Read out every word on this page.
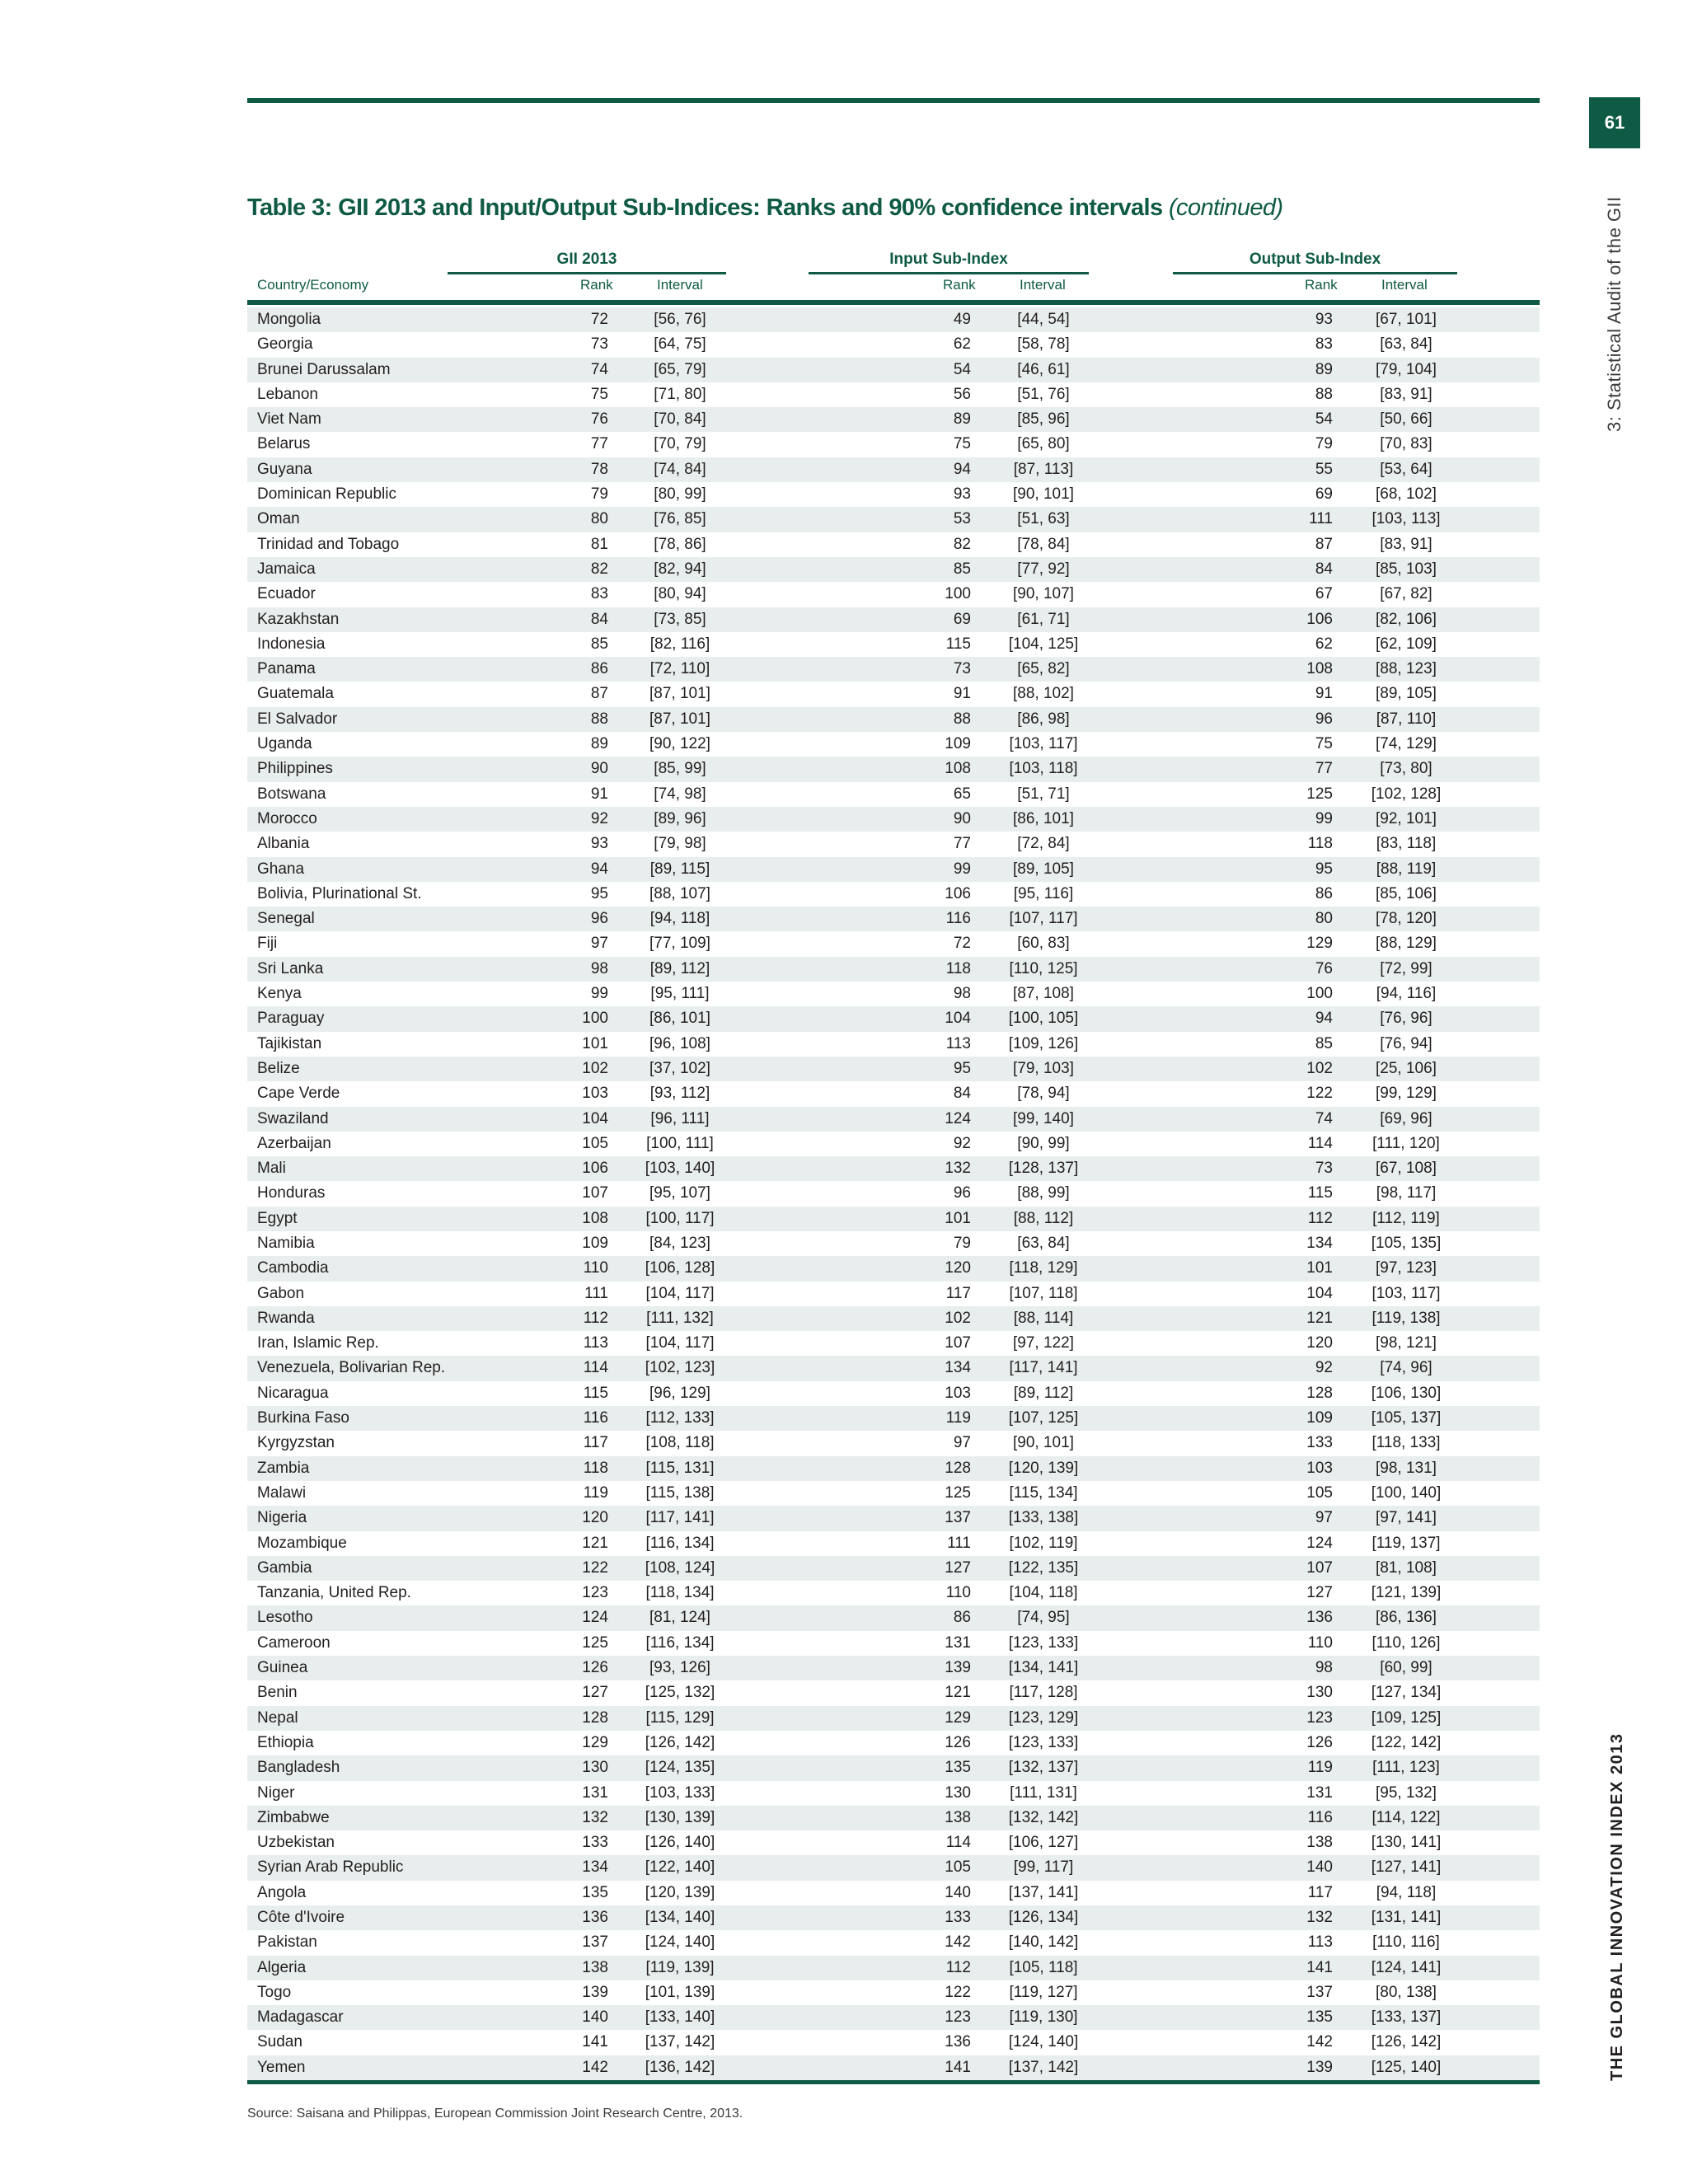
61
3: Statistical Audit of the GII
THE GLOBAL INNOVATION INDEX 2013
Table 3: GII 2013 and Input/Output Sub-Indices: Ranks and 90% confidence intervals (continued)
GII 2013	Input Sub-Index	Output Sub-Index
Country/Economy	Rank	Interval	Rank	Interval	Rank	Interval
Mongolia	72	[56, 76]	49	[44, 54]	93	[67, 101]
Georgia	73	[64, 75]	62	[58, 78]	83	[63, 84]
Brunei Darussalam	74	[65, 79]	54	[46, 61]	89	[79, 104]
Lebanon	75	[71, 80]	56	[51, 76]	88	[83, 91]
Viet Nam	76	[70, 84]	89	[85, 96]	54	[50, 66]
Belarus	77	[70, 79]	75	[65, 80]	79	[70, 83]
Guyana	78	[74, 84]	94	[87, 113]	55	[53, 64]
Dominican Republic	79	[80, 99]	93	[90, 101]	69	[68, 102]
Oman	80	[76, 85]	53	[51, 63]	111	[103, 113]
Trinidad and Tobago	81	[78, 86]	82	[78, 84]	87	[83, 91]
Jamaica	82	[82, 94]	85	[77, 92]	84	[85, 103]
Ecuador	83	[80, 94]	100	[90, 107]	67	[67, 82]
Kazakhstan	84	[73, 85]	69	[61, 71]	106	[82, 106]
Indonesia	85	[82, 116]	115	[104, 125]	62	[62, 109]
Panama	86	[72, 110]	73	[65, 82]	108	[88, 123]
Guatemala	87	[87, 101]	91	[88, 102]	91	[89, 105]
El Salvador	88	[87, 101]	88	[86, 98]	96	[87, 110]
Uganda	89	[90, 122]	109	[103, 117]	75	[74, 129]
Philippines	90	[85, 99]	108	[103, 118]	77	[73, 80]
Botswana	91	[74, 98]	65	[51, 71]	125	[102, 128]
Morocco	92	[89, 96]	90	[86, 101]	99	[92, 101]
Albania	93	[79, 98]	77	[72, 84]	118	[83, 118]
Ghana	94	[89, 115]	99	[89, 105]	95	[88, 119]
Bolivia, Plurinational St.	95	[88, 107]	106	[95, 116]	86	[85, 106]
Senegal	96	[94, 118]	116	[107, 117]	80	[78, 120]
Fiji	97	[77, 109]	72	[60, 83]	129	[88, 129]
Sri Lanka	98	[89, 112]	118	[110, 125]	76	[72, 99]
Kenya	99	[95, 111]	98	[87, 108]	100	[94, 116]
Paraguay	100	[86, 101]	104	[100, 105]	94	[76, 96]
Tajikistan	101	[96, 108]	113	[109, 126]	85	[76, 94]
Belize	102	[37, 102]	95	[79, 103]	102	[25, 106]
Cape Verde	103	[93, 112]	84	[78, 94]	122	[99, 129]
Swaziland	104	[96, 111]	124	[99, 140]	74	[69, 96]
Azerbaijan	105	[100, 111]	92	[90, 99]	114	[111, 120]
Mali	106	[103, 140]	132	[128, 137]	73	[67, 108]
Honduras	107	[95, 107]	96	[88, 99]	115	[98, 117]
Egypt	108	[100, 117]	101	[88, 112]	112	[112, 119]
Namibia	109	[84, 123]	79	[63, 84]	134	[105, 135]
Cambodia	110	[106, 128]	120	[118, 129]	101	[97, 123]
Gabon	111	[104, 117]	117	[107, 118]	104	[103, 117]
Rwanda	112	[111, 132]	102	[88, 114]	121	[119, 138]
Iran, Islamic Rep.	113	[104, 117]	107	[97, 122]	120	[98, 121]
Venezuela, Bolivarian Rep.	114	[102, 123]	134	[117, 141]	92	[74, 96]
Nicaragua	115	[96, 129]	103	[89, 112]	128	[106, 130]
Burkina Faso	116	[112, 133]	119	[107, 125]	109	[105, 137]
Kyrgyzstan	117	[108, 118]	97	[90, 101]	133	[118, 133]
Zambia	118	[115, 131]	128	[120, 139]	103	[98, 131]
Malawi	119	[115, 138]	125	[115, 134]	105	[100, 140]
Nigeria	120	[117, 141]	137	[133, 138]	97	[97, 141]
Mozambique	121	[116, 134]	111	[102, 119]	124	[119, 137]
Gambia	122	[108, 124]	127	[122, 135]	107	[81, 108]
Tanzania, United Rep.	123	[118, 134]	110	[104, 118]	127	[121, 139]
Lesotho	124	[81, 124]	86	[74, 95]	136	[86, 136]
Cameroon	125	[116, 134]	131	[123, 133]	110	[110, 126]
Guinea	126	[93, 126]	139	[134, 141]	98	[60, 99]
Benin	127	[125, 132]	121	[117, 128]	130	[127, 134]
Nepal	128	[115, 129]	129	[123, 129]	123	[109, 125]
Ethiopia	129	[126, 142]	126	[123, 133]	126	[122, 142]
Bangladesh	130	[124, 135]	135	[132, 137]	119	[111, 123]
Niger	131	[103, 133]	130	[111, 131]	131	[95, 132]
Zimbabwe	132	[130, 139]	138	[132, 142]	116	[114, 122]
Uzbekistan	133	[126, 140]	114	[106, 127]	138	[130, 141]
Syrian Arab Republic	134	[122, 140]	105	[99, 117]	140	[127, 141]
Angola	135	[120, 139]	140	[137, 141]	117	[94, 118]
Côte d'Ivoire	136	[134, 140]	133	[126, 134]	132	[131, 141]
Pakistan	137	[124, 140]	142	[140, 142]	113	[110, 116]
Algeria	138	[119, 139]	112	[105, 118]	141	[124, 141]
Togo	139	[101, 139]	122	[119, 127]	137	[80, 138]
Madagascar	140	[133, 140]	123	[119, 130]	135	[133, 137]
Sudan	141	[137, 142]	136	[124, 140]	142	[126, 142]
Yemen	142	[136, 142]	141	[137, 142]	139	[125, 140]
Source: Saisana and Philippas, European Commission Joint Research Centre, 2013.
